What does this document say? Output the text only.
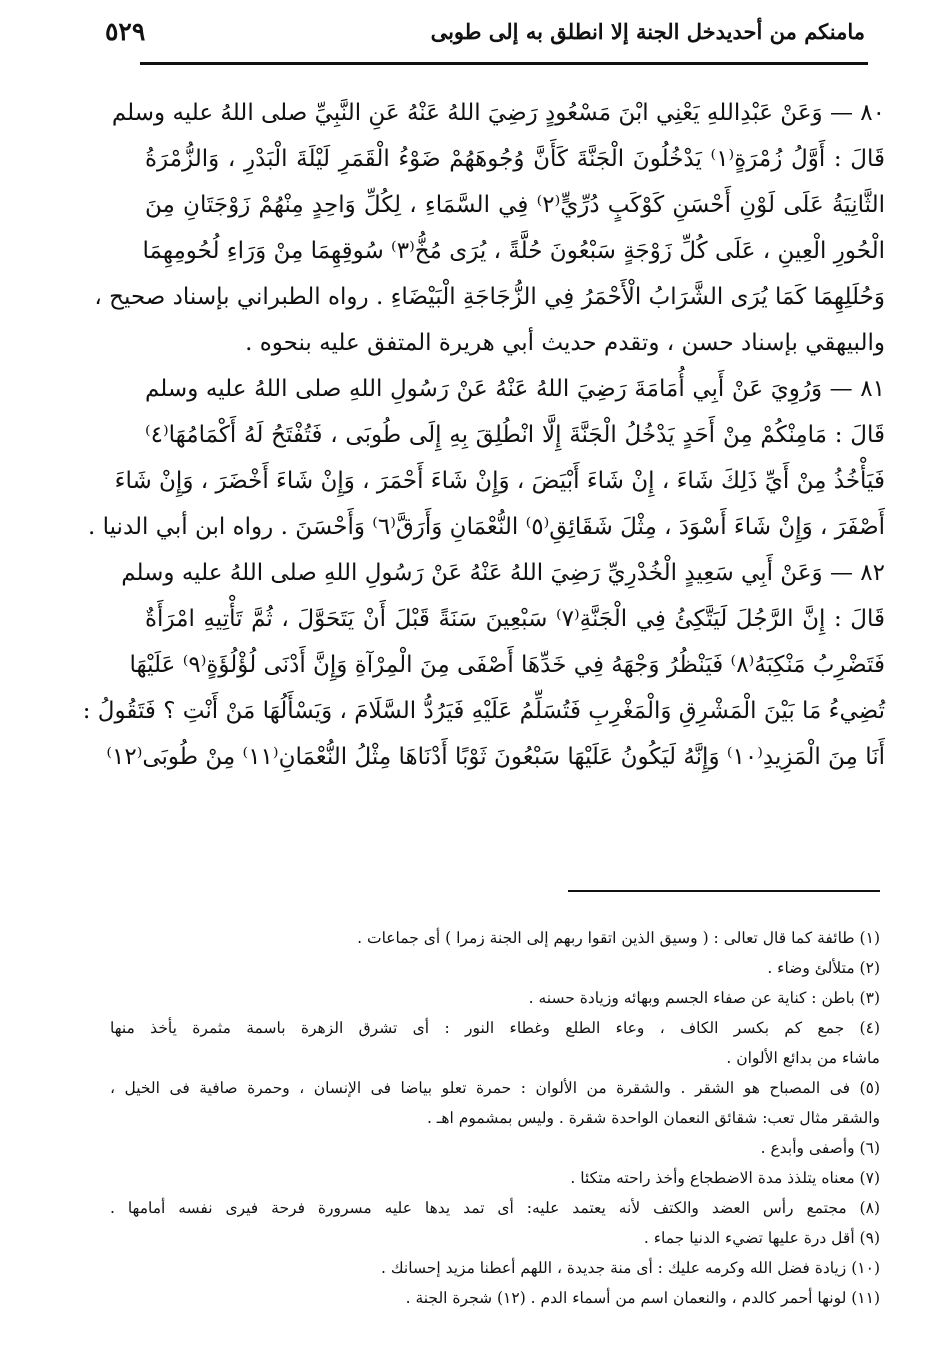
مامنكم من أحديدخل الجنة إلا انطلق به إلى طوبى
٥٢٩
٨٠ — وَعَنْ عَبْدِاللهِ يَعْنِي ابْنَ مَسْعُودٍ رَضِيَ اللهُ عَنْهُ عَنِ النَّبِيِّ صلى اللهُ عليه وسلم
قَالَ : أَوَّلُ زُمْرَةٍ⁽١⁾ يَدْخُلُونَ الْجَنَّةَ كَأَنَّ وُجُوهَهُمْ ضَوْءُ الْقَمَرِ لَيْلَةَ الْبَدْرِ ، وَالزُّمْرَةُ
الثَّانِيَةُ عَلَى لَوْنِ أَحْسَنِ كَوْكَبٍ دُرِّيٍّ⁽٢⁾ فِي السَّمَاءِ ، لِكُلِّ وَاحِدٍ مِنْهُمْ زَوْجَتَانِ مِنَ
الْحُورِ الْعِينِ ، عَلَى كُلِّ زَوْجَةٍ سَبْعُونَ حُلَّةً ، يُرَى مُخُّ⁽٣⁾ سُوقِهِمَا مِنْ وَرَاءِ لُحُومِهِمَا
وَحُلَلِهِمَا كَمَا يُرَى الشَّرَابُ الْأَحْمَرُ فِي الزُّجَاجَةِ الْبَيْضَاءِ . رواه الطبراني بإسناد صحيح ،
والبيهقي بإسناد حسن ، وتقدم حديث أبي هريرة المتفق عليه بنحوه .
٨١ — وَرُوِيَ عَنْ أَبِي أُمَامَةَ رَضِيَ اللهُ عَنْهُ عَنْ رَسُولِ اللهِ صلى اللهُ عليه وسلم
قَالَ : مَامِنْكُمْ مِنْ أَحَدٍ يَدْخُلُ الْجَنَّةَ إِلَّا انْطُلِقَ بِهِ إِلَى طُوبَى ، فَتُفْتَحُ لَهُ أَكْمَامُهَا⁽٤⁾
فَيَأْخُذُ مِنْ أَيِّ ذَلِكَ شَاءَ ، إِنْ شَاءَ أَبْيَضَ ، وَإِنْ شَاءَ أَحْمَرَ ، وَإِنْ شَاءَ أَخْضَرَ ، وَإِنْ شَاءَ
أَصْفَرَ ، وَإِنْ شَاءَ أَسْوَدَ ، مِثْلَ شَقَائِقِ⁽٥⁾ النُّعْمَانِ وَأَرَقَّ⁽٦⁾ وَأَحْسَنَ . رواه ابن أبي الدنيا .
٨٢ — وَعَنْ أَبِي سَعِيدٍ الْخُدْرِيِّ رَضِيَ اللهُ عَنْهُ عَنْ رَسُولِ اللهِ صلى اللهُ عليه وسلم
قَالَ : إِنَّ الرَّجُلَ لَيَتَّكِئُ فِي الْجَنَّةِ⁽٧⁾ سَبْعِينَ سَنَةً قَبْلَ أَنْ يَتَحَوَّلَ ، ثُمَّ تَأْتِيهِ امْرَأَةٌ
فَتَضْرِبُ مَنْكِبَهُ⁽٨⁾ فَيَنْظُرُ وَجْهَهُ فِي خَدِّهَا أَصْفَى مِنَ الْمِرْآةِ وَإِنَّ أَدْنَى لُؤْلُؤَةٍ⁽٩⁾ عَلَيْهَا
تُضِيءُ مَا بَيْنَ الْمَشْرِقِ وَالْمَغْرِبِ فَتُسَلِّمُ عَلَيْهِ فَيَرُدُّ السَّلَامَ ، وَيَسْأَلُهَا مَنْ أَنْتِ ؟ فَتَقُولُ :
أَنَا مِنَ الْمَزِيدِ⁽١٠⁾ وَإِنَّهُ لَيَكُونُ عَلَيْهَا سَبْعُونَ ثَوْبًا أَدْنَاهَا مِثْلُ النُّعْمَانِ⁽١١⁾ مِنْ طُوبَى⁽١٢⁾
(١) طائفة كما قال تعالى : ( وسيق الذين اتقوا ربهم إلى الجنة زمرا ) أى جماعات .
(٢) متلألئ وضاء .
(٣) باطن : كناية عن صفاء الجسم وبهائه وزيادة حسنه .
(٤) جمع كم بكسر الكاف ، وعاء الطلع وغطاء النور : أى تشرق الزهرة باسمة مثمرة يأخذ منها
ماشاء من بدائع الألوان .
(٥) فى المصباح هو الشقر . والشقرة من الألوان : حمرة تعلو بياضا فى الإنسان ، وحمرة صافية فى الخيل ،
والشقر مثال تعب: شقائق النعمان الواحدة شقرة . وليس بمشموم اهـ .
(٦) وأصفى وأبدع .
(٧) معناه يتلذذ مدة الاضطجاع وأخذ راحته متكئا .
(٨) مجتمع رأس العضد والكتف لأنه يعتمد عليه: أى تمد يدها عليه مسرورة فرحة فيرى نفسه أمامها .
(٩) أقل درة عليها تضيء الدنيا جماء .
(١٠) زيادة فضل الله وكرمه عليك : أى منة جديدة ، اللهم أعطنا مزيد إحسانك .
(١١) لونها أحمر كالدم ، والنعمان اسم من أسماء الدم . (١٢) شجرة الجنة .
